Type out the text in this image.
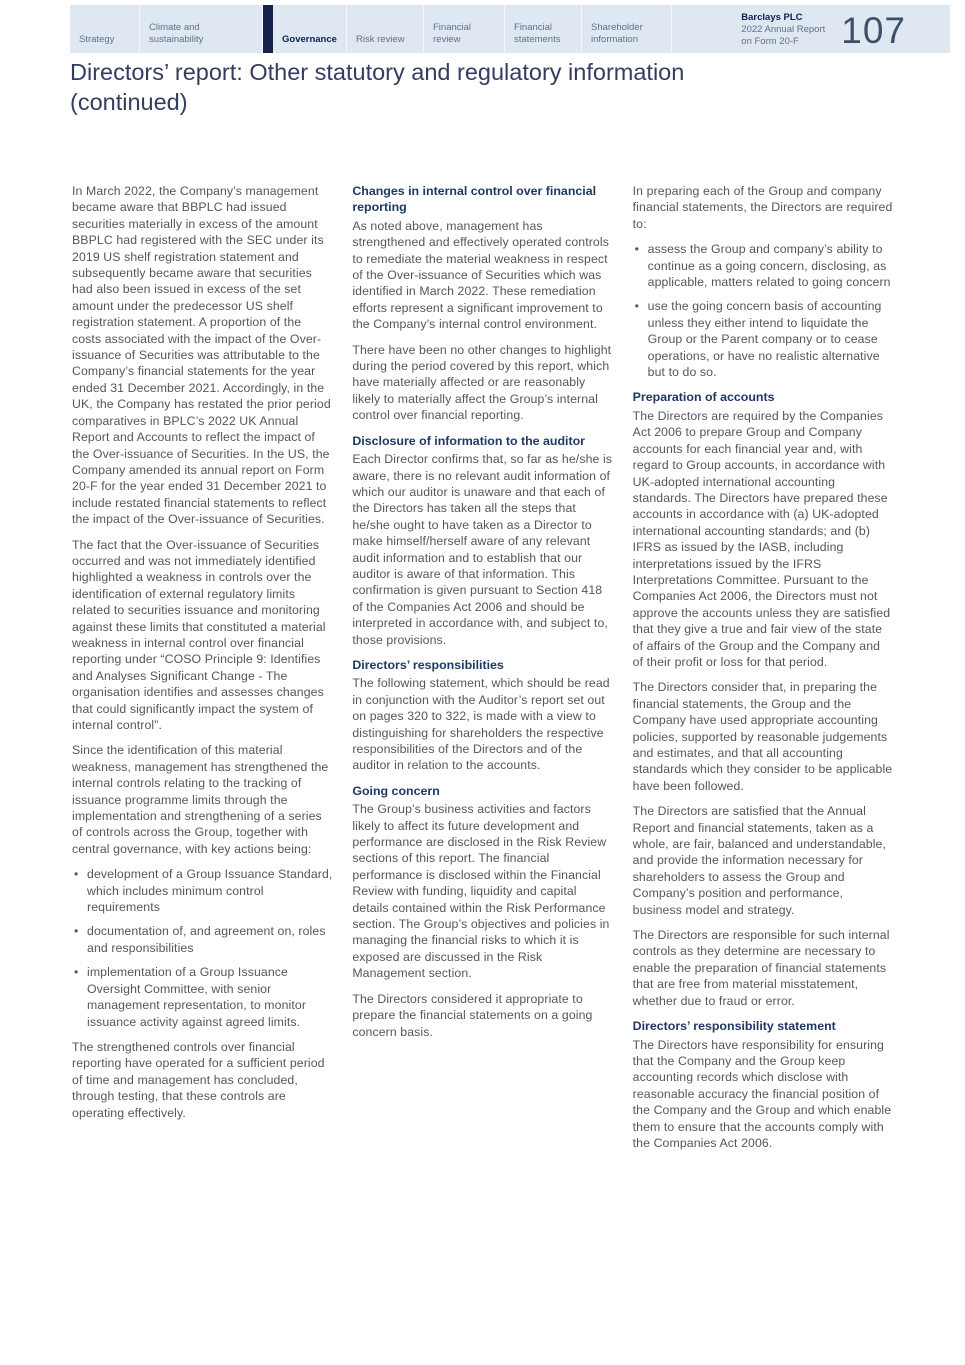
Strategy
Climate and sustainability	Governance Risk review
Financial review
Financial statements
Shareholder information
Barclays PLC
2022 Annual Report
on Form 20-F	107
Directors’ report: Other statutory and regulatory information
(continued)

In March 2022, the Company’s management became aware that BBPLC had issued securities materially in excess of the amount BBPLC had registered with the SEC under its 2019 US shelf registration statement and subsequently became aware that securities had also been issued in excess of the set amount under the predecessor US shelf registration statement. A proportion of the costs associated with the impact of the Over-issuance of Securities was attributable to the Company’s financial statements for the year ended 31 December 2021. Accordingly, in the UK, the Company has restated the prior period comparatives in BPLC’s 2022 UK Annual Report and Accounts to reflect the impact of the Over-issuance of Securities. In the US, the Company amended its annual report on Form 20-F for the year ended 31 December 2021 to include restated financial statements to reflect the impact of the Over-issuance of Securities.

The fact that the Over-issuance of Securities occurred and was not immediately identified highlighted a weakness in controls over the identification of external regulatory limits related to securities issuance and monitoring against these limits that constituted a material weakness in internal control over financial reporting under “COSO Principle 9: Identifies and Analyses Significant Change - The organisation identifies and assesses changes that could significantly impact the system of internal control”.

Since the identification of this material weakness, management has strengthened the internal controls relating to the tracking of issuance programme limits through the implementation and strengthening of a series of controls across the Group, together with central governance, with key actions being:

• development of a Group Issuance Standard, which includes minimum control requirements
• documentation of, and agreement on, roles and responsibilities
• implementation of a Group Issuance Oversight Committee, with senior management representation, to monitor issuance activity against agreed limits.

The strengthened controls over financial reporting have operated for a sufficient period of time and management has concluded, through testing, that these controls are operating effectively.

Changes in internal control over financial reporting

As noted above, management has strengthened and effectively operated controls to remediate the material weakness in respect of the Over-issuance of Securities which was identified in March 2022. These remediation efforts represent a significant improvement to the Company’s internal control environment.

There have been no other changes to highlight during the period covered by this report, which have materially affected or are reasonably likely to materially affect the Group’s internal control over financial reporting.

Disclosure of information to the auditor

Each Director confirms that, so far as he/she is aware, there is no relevant audit information of which our auditor is unaware and that each of the Directors has taken all the steps that he/she ought to have taken as a Director to make himself/herself aware of any relevant audit information and to establish that our auditor is aware of that information. This confirmation is given pursuant to Section 418 of the Companies Act 2006 and should be interpreted in accordance with, and subject to, those provisions.

Directors’ responsibilities

The following statement, which should be read in conjunction with the Auditor’s report set out on pages 320 to 322, is made with a view to distinguishing for shareholders the respective responsibilities of the Directors and of the auditor in relation to the accounts.

Going concern

The Group’s business activities and factors likely to affect its future development and performance are disclosed in the Risk Review sections of this report. The financial performance is disclosed within the Financial Review with funding, liquidity and capital details contained within the Risk Performance section. The Group’s objectives and policies in managing the financial risks to which it is exposed are discussed in the Risk Management section.

The Directors considered it appropriate to prepare the financial statements on a going concern basis.

In preparing each of the Group and company financial statements, the Directors are required to:

• assess the Group and company’s ability to continue as a going concern, disclosing, as applicable, matters related to going concern
• use the going concern basis of accounting unless they either intend to liquidate the Group or the Parent company or to cease operations, or have no realistic alternative but to do so.
Preparation of accounts

The Directors are required by the Companies Act 2006 to prepare Group and Company accounts for each financial year and, with regard to Group accounts, in accordance with UK-adopted international accounting standards. The Directors have prepared these accounts in accordance with (a) UK-adopted international accounting standards; and (b) IFRS as issued by the IASB, including interpretations issued by the IFRS Interpretations Committee. Pursuant to the Companies Act 2006, the Directors must not approve the accounts unless they are satisfied that they give a true and fair view of the state of affairs of the Group and the Company and of their profit or loss for that period.

The Directors consider that, in preparing the financial statements, the Group and the Company have used appropriate accounting policies, supported by reasonable judgements and estimates, and that all accounting standards which they consider to be applicable have been followed.

The Directors are satisfied that the Annual Report and financial statements, taken as a whole, are fair, balanced and understandable, and provide the information necessary for shareholders to assess the Group and Company’s position and performance, business model and strategy.

The Directors are responsible for such internal controls as they determine are necessary to enable the preparation of financial statements that are free from material misstatement, whether due to fraud or error.

Directors’ responsibility statement

The Directors have responsibility for ensuring that the Company and the Group keep accounting records which disclose with reasonable accuracy the financial position of the Company and the Group and which enable them to ensure that the accounts comply with the Companies Act 2006.
